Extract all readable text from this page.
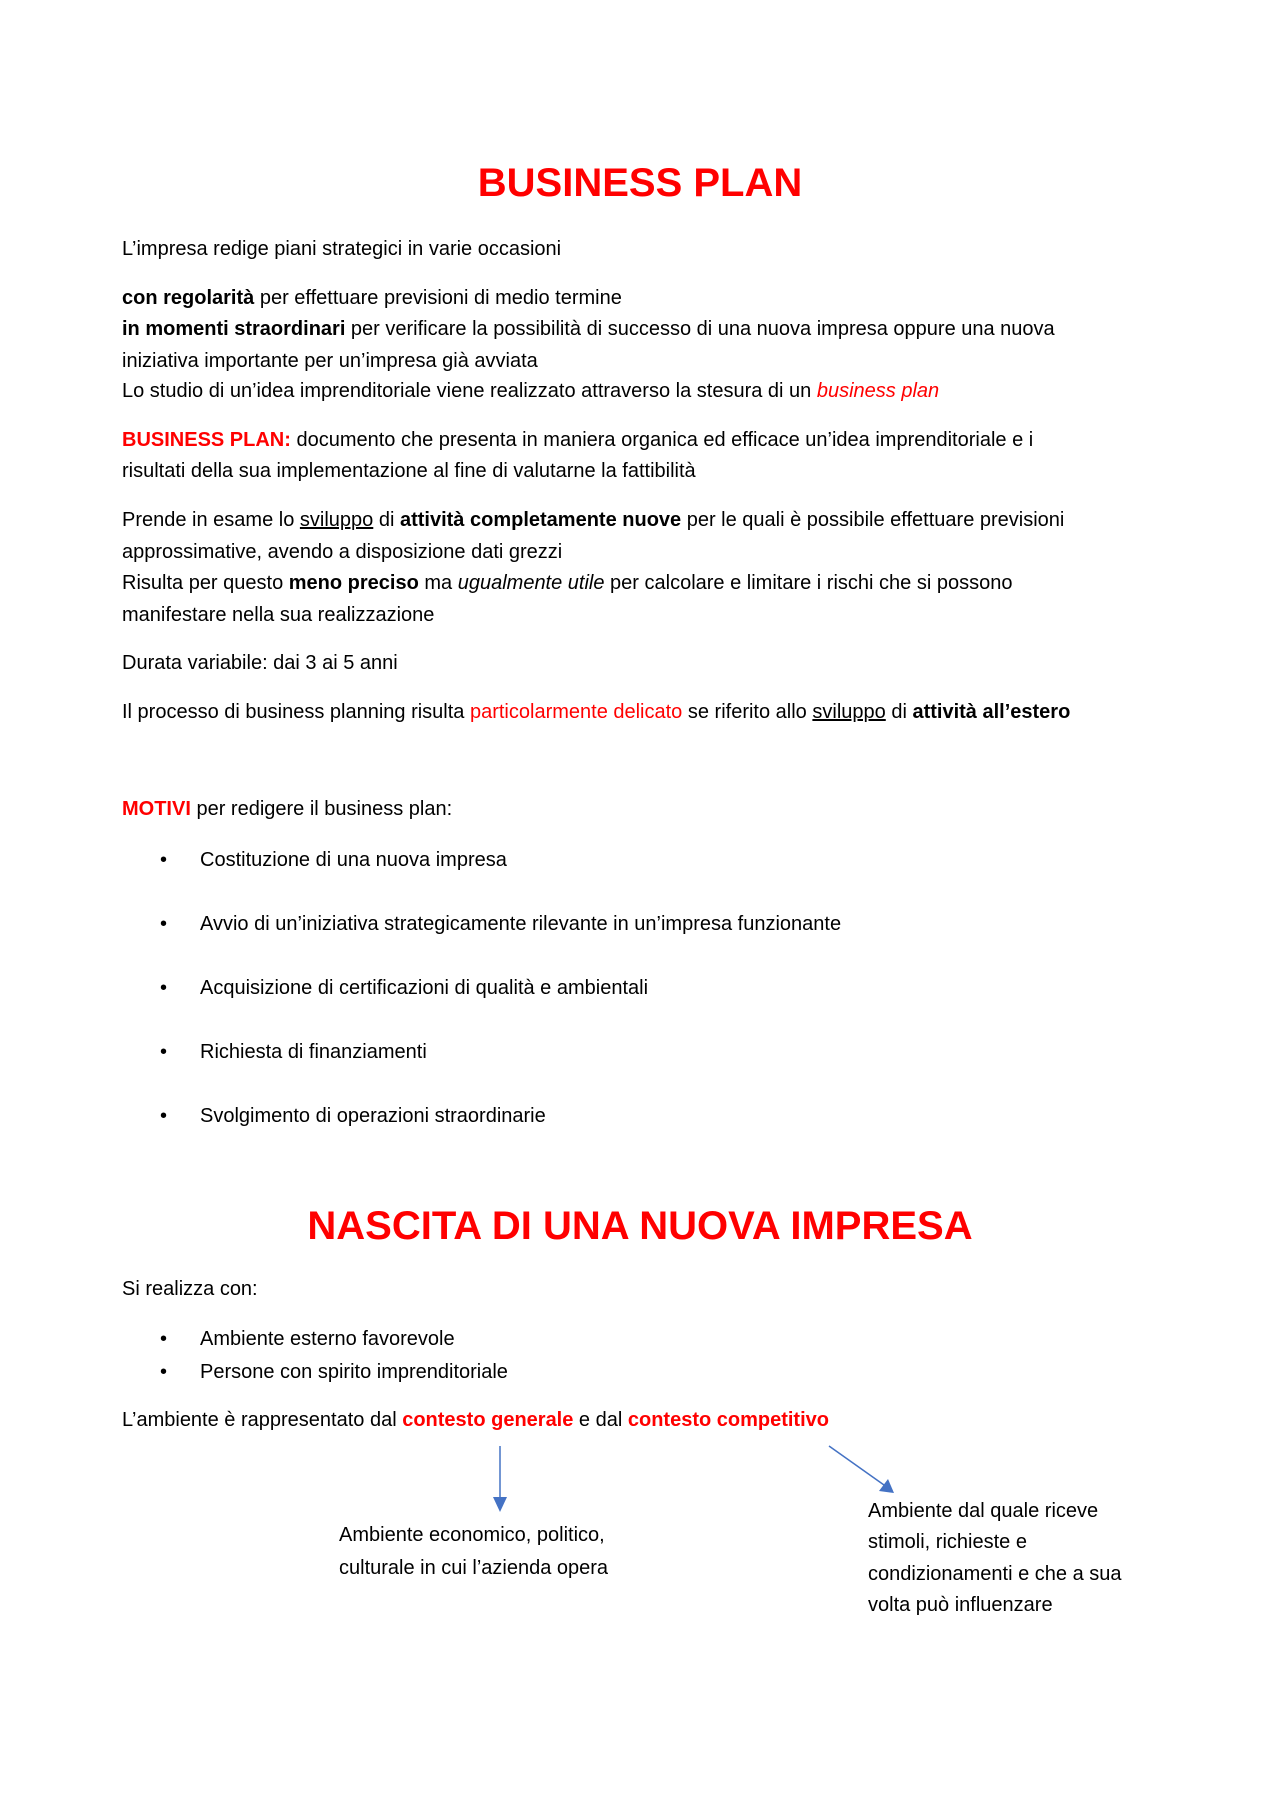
BUSINESS PLAN
L’impresa redige piani strategici in varie occasioni
con regolarità per effettuare previsioni di medio termine
in momenti straordinari per verificare la possibilità di successo di una nuova impresa oppure una nuova
iniziativa importante per un’impresa già avviata
Lo studio di un’idea imprenditoriale viene realizzato attraverso la stesura di un business plan
BUSINESS PLAN: documento che presenta in maniera organica ed efficace un’idea imprenditoriale e i
risultati della sua implementazione al fine di valutarne la fattibilità
Prende in esame lo sviluppo di attività completamente nuove per le quali è possibile effettuare previsioni
approssimative, avendo a disposizione dati grezzi
Risulta per questo meno preciso ma ugualmente utile per calcolare e limitare i rischi che si possono
manifestare nella sua realizzazione
Durata variabile: dai 3 ai 5 anni
Il processo di business planning risulta particolarmente delicato se riferito allo sviluppo di attività all’estero
MOTIVI per redigere il business plan:
• Costituzione di una nuova impresa
• Avvio di un’iniziativa strategicamente rilevante in un’impresa funzionante
• Acquisizione di certificazioni di qualità e ambientali
• Richiesta di finanziamenti
• Svolgimento di operazioni straordinarie
NASCITA DI UNA NUOVA IMPRESA
Si realizza con:
• Ambiente esterno favorevole
• Persone con spirito imprenditoriale
L’ambiente è rappresentato dal contesto generale e dal contesto competitivo
Ambiente economico, politico,
culturale in cui l’azienda opera
Ambiente dal quale riceve
stimoli, richieste e
condizionamenti e che a sua
volta può influenzare
